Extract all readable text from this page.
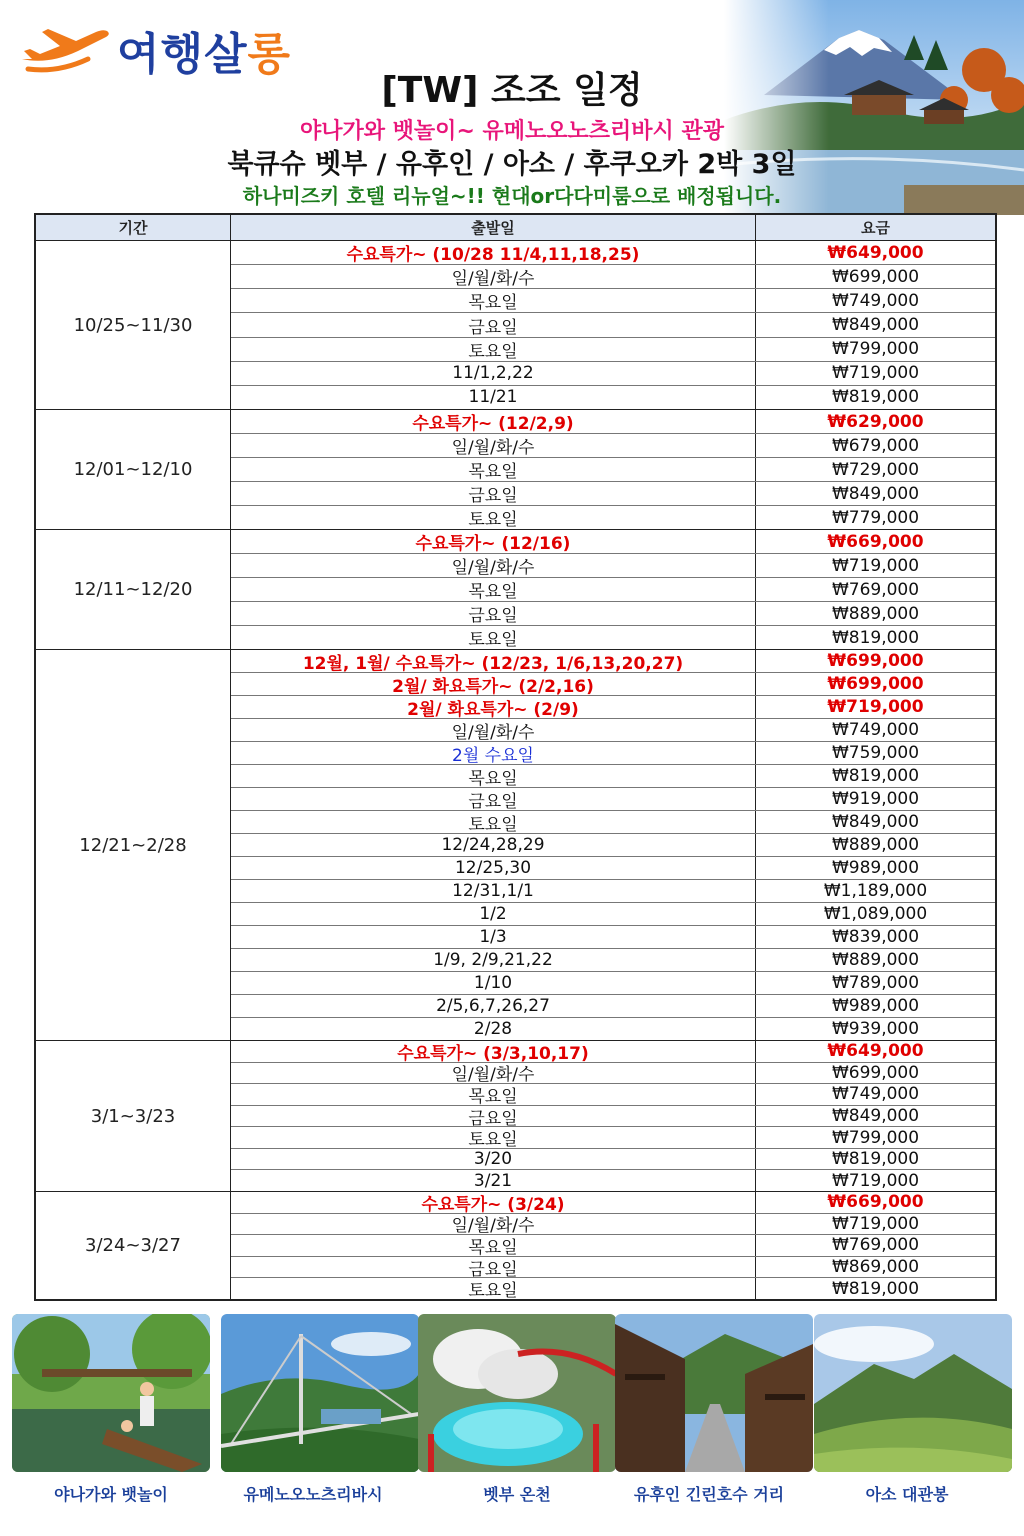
여행살롱
[TW] 조조 일정
야나가와 뱃놀이~ 유메노오노츠리바시 관광
북큐슈 벳부 / 유후인 / 아소 / 후쿠오카 2박 3일
하나미즈키 호텔 리뉴얼~!! 현대or다다미룸으로 배정됩니다.
기간	출발일	요금
10/25~11/30
수요특가~ (10/28 11/4,11,18,25)	₩649,000
일/월/화/수	₩699,000
목요일	₩749,000
금요일	₩849,000
토요일	₩799,000
11/1,2,22	₩719,000
11/21	₩819,000
12/01~12/10
수요특가~ (12/2,9)	₩629,000
일/월/화/수	₩679,000
목요일	₩729,000
금요일	₩849,000
토요일	₩779,000
12/11~12/20
수요특가~ (12/16)	₩669,000
일/월/화/수	₩719,000
목요일	₩769,000
금요일	₩889,000
토요일	₩819,000
12/21~2/28
12월, 1월/ 수요특가~ (12/23, 1/6,13,20,27)	₩699,000
2월/ 화요특가~ (2/2,16)	₩699,000
2월/ 화요특가~ (2/9)	₩719,000
일/월/화/수	₩749,000
2월 수요일	₩759,000
목요일	₩819,000
금요일	₩919,000
토요일	₩849,000
12/24,28,29	₩889,000
12/25,30	₩989,000
12/31,1/1	₩1,189,000
1/2	₩1,089,000
1/3	₩839,000
1/9, 2/9,21,22	₩889,000
1/10	₩789,000
2/5,6,7,26,27	₩989,000
2/28	₩939,000
3/1~3/23
수요특가~ (3/3,10,17)	₩649,000
일/월/화/수	₩699,000
목요일	₩749,000
금요일	₩849,000
토요일	₩799,000
3/20	₩819,000
3/21	₩719,000
3/24~3/27
수요특가~ (3/24)	₩669,000
일/월/화/수	₩719,000
목요일	₩769,000
금요일	₩869,000
토요일	₩819,000
야나가와 뱃놀이	유메노오노츠리바시	벳부 온천	유후인 긴린호수 거리	아소 대관봉
